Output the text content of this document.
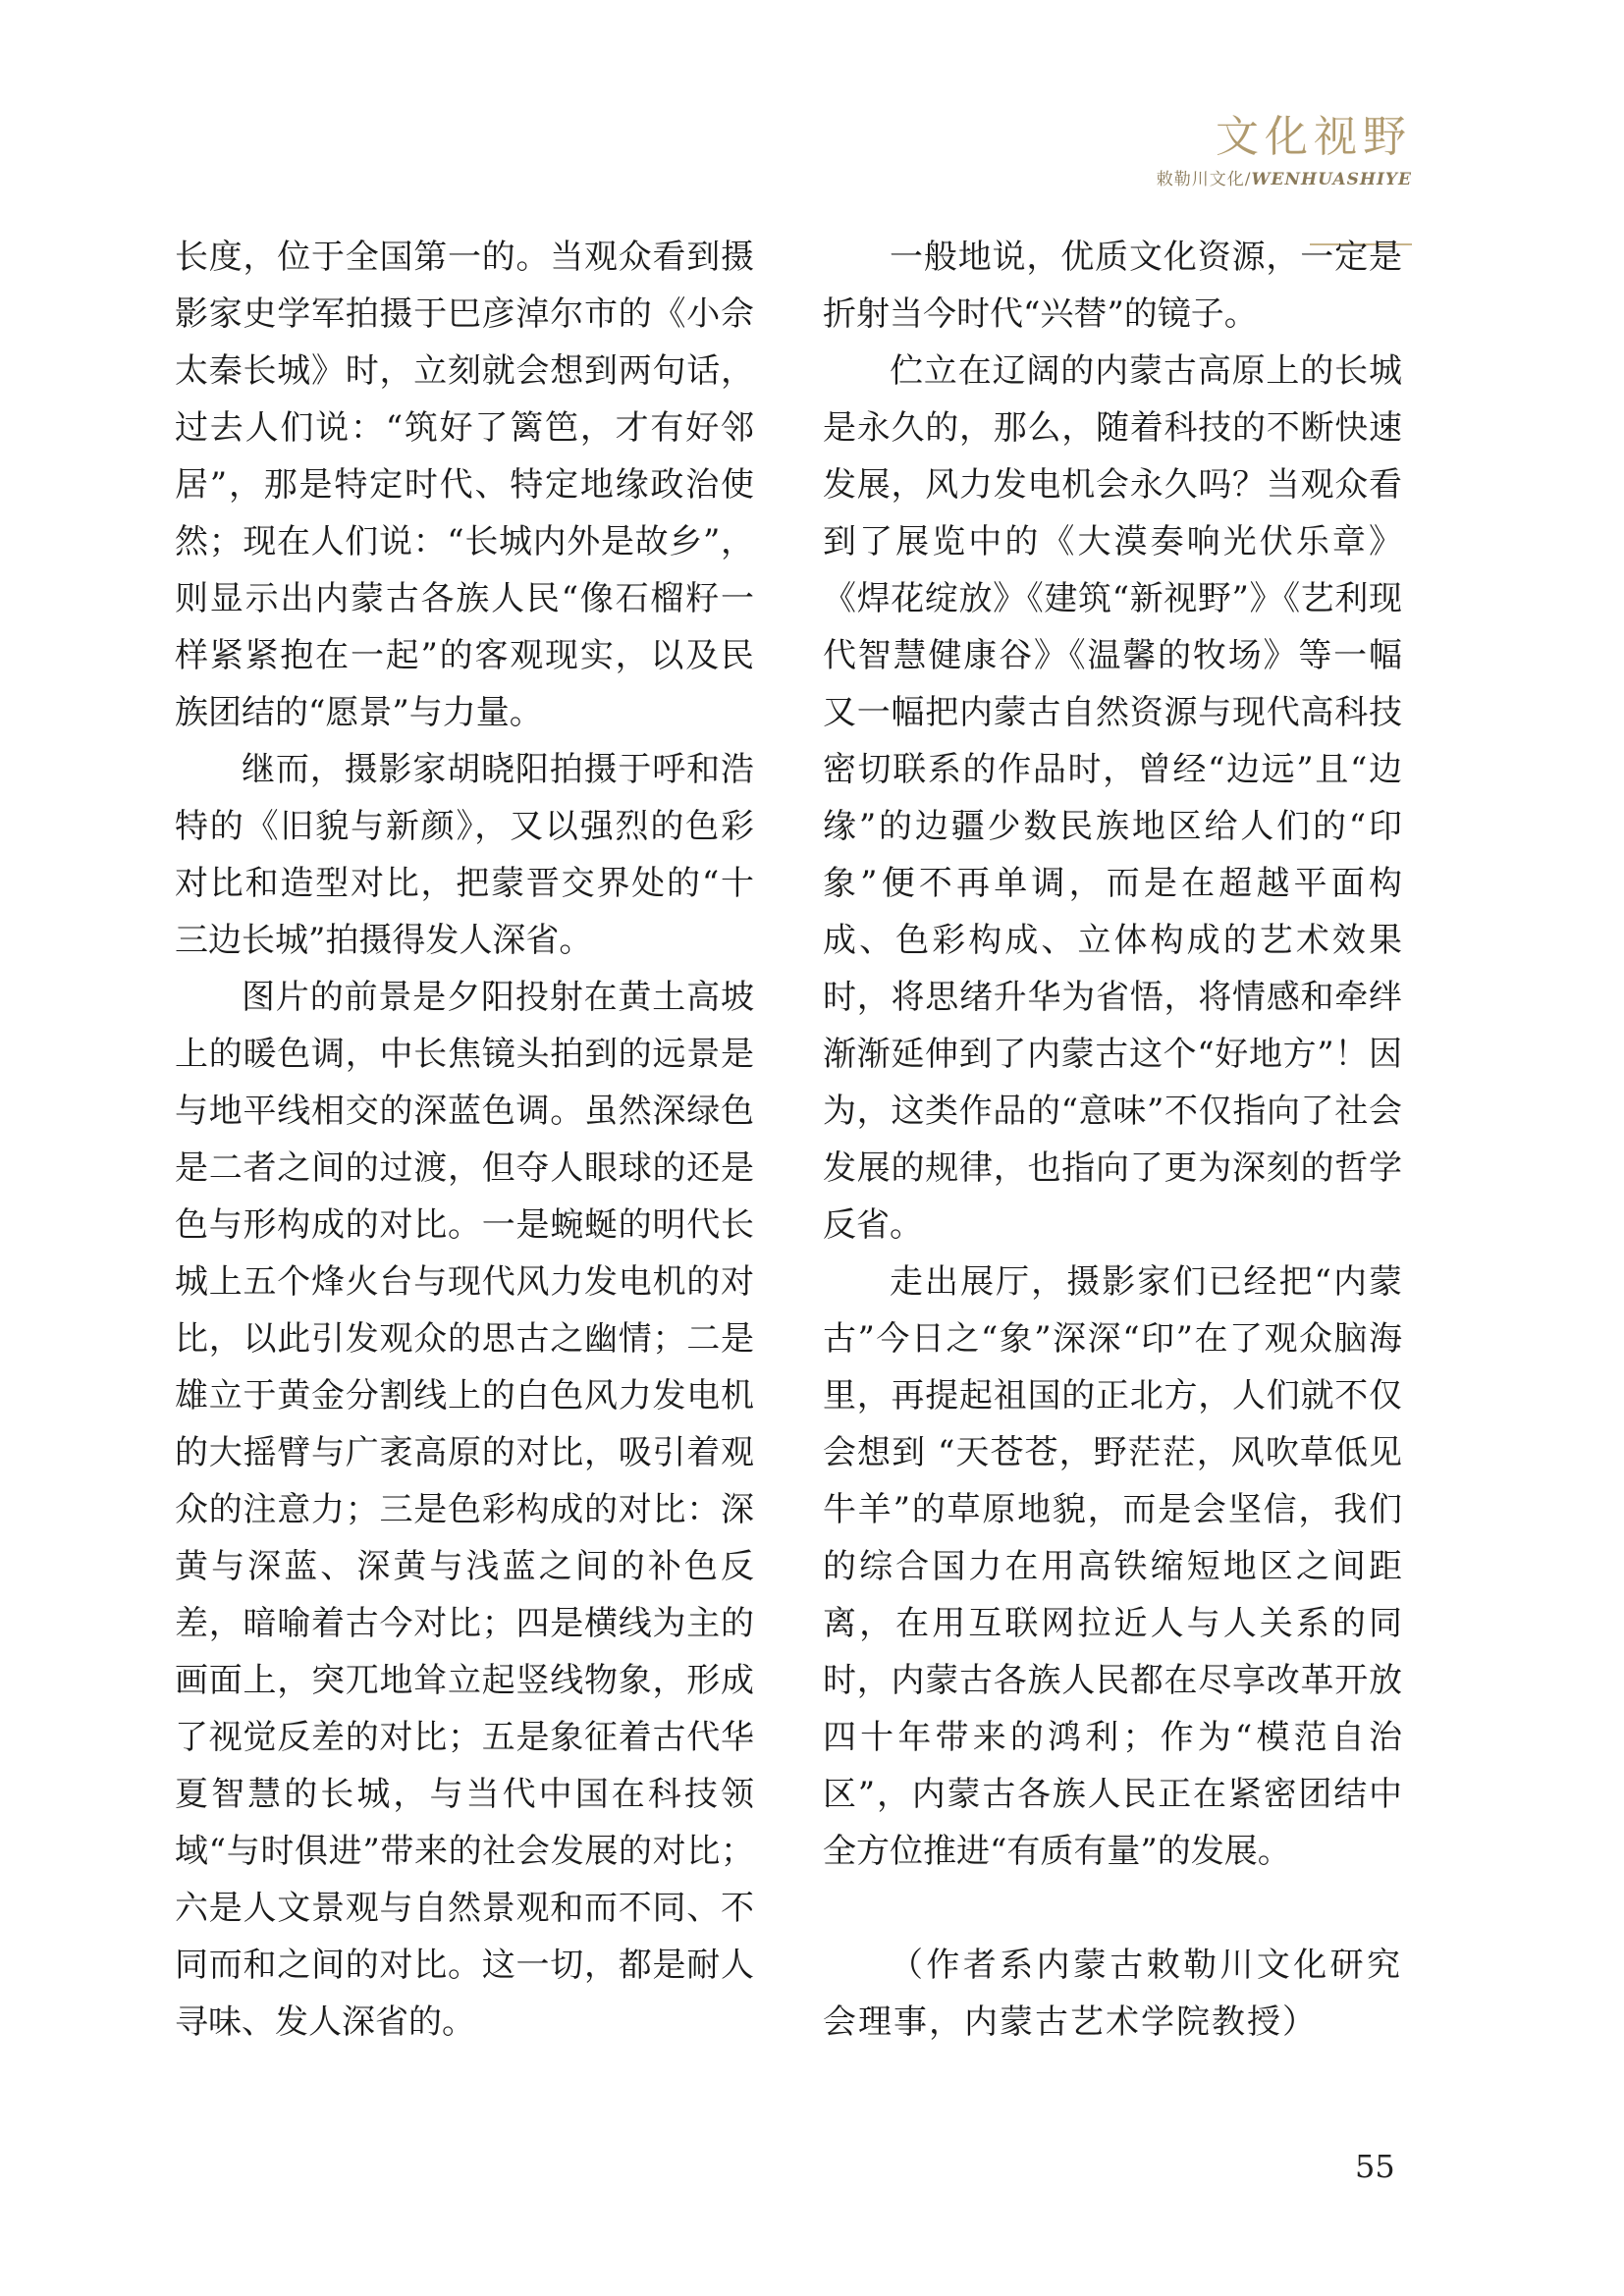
文化视野
敕勒川文化/WENHUASHIYE

长度，位于全国第一的。当观众看到摄影家史学军拍摄于巴彦淖尔市的《小佘太秦长城》时，立刻就会想到两句话，过去人们说：“筑好了篱笆，才有好邻居”，那是特定时代、特定地缘政治使然；现在人们说：“长城内外是故乡”，则显示出内蒙古各族人民“像石榴籽一样紧紧抱在一起”的客观现实，以及民族团结的“愿景”与力量。

继而，摄影家胡晓阳拍摄于呼和浩特的《旧貌与新颜》，又以强烈的色彩对比和造型对比，把蒙晋交界处的“十三边长城”拍摄得发人深省。

图片的前景是夕阳投射在黄土高坡上的暖色调，中长焦镜头拍到的远景是与地平线相交的深蓝色调。虽然深绿色是二者之间的过渡，但夺人眼球的还是色与形构成的对比。一是蜿蜒的明代长城上五个烽火台与现代风力发电机的对比，以此引发观众的思古之幽情；二是雄立于黄金分割线上的白色风力发电机的大摇臂与广袤高原的对比，吸引着观众的注意力；三是色彩构成的对比：深黄与深蓝、深黄与浅蓝之间的补色反差，暗喻着古今对比；四是横线为主的画面上，突兀地耸立起竖线物象，形成了视觉反差的对比；五是象征着古代华夏智慧的长城，与当代中国在科技领域“与时俱进”带来的社会发展的对比；六是人文景观与自然景观和而不同、不同而和之间的对比。这一切，都是耐人寻味、发人深省的。

一般地说，优质文化资源，一定是折射当今时代“兴替”的镜子。

伫立在辽阔的内蒙古高原上的长城是永久的，那么，随着科技的不断快速发展，风力发电机会永久吗？当观众看到了展览中的《大漠奏响光伏乐章》《焊花绽放》《建筑“新视野”》《艺利现代智慧健康谷》《温馨的牧场》等一幅又一幅把内蒙古自然资源与现代高科技密切联系的作品时，曾经“边远”且“边缘”的边疆少数民族地区给人们的“印象”便不再单调，而是在超越平面构成、色彩构成、立体构成的艺术效果时，将思绪升华为省悟，将情感和牵绊渐渐延伸到了内蒙古这个“好地方”！因为，这类作品的“意味”不仅指向了社会发展的规律，也指向了更为深刻的哲学反省。

走出展厅，摄影家们已经把“内蒙古”今日之“象”深深“印”在了观众脑海里，再提起祖国的正北方，人们就不仅会想到 “天苍苍，野茫茫，风吹草低见牛羊”的草原地貌，而是会坚信，我们的综合国力在用高铁缩短地区之间距离，在用互联网拉近人与人关系的同时，内蒙古各族人民都在尽享改革开放四十年带来的鸿利；作为“模范自治区”，内蒙古各族人民正在紧密团结中全方位推进“有质有量”的发展。

（作者系内蒙古敕勒川文化研究会理事，内蒙古艺术学院教授）

55
